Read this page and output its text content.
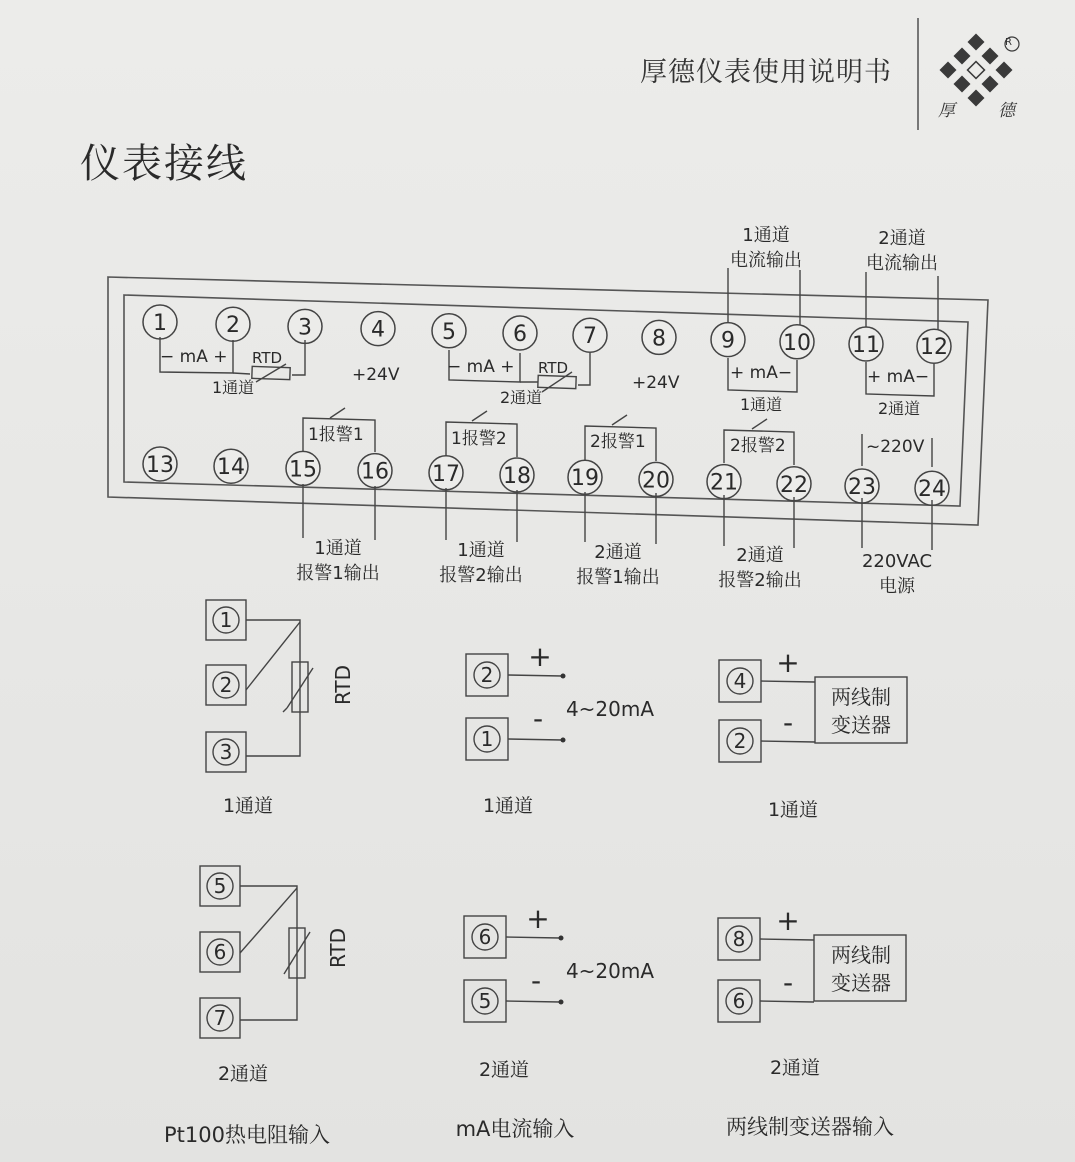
厚德仪表使用说明书
R
厚	德
仪表接线
1	2	3	4	5	6	7	8	9 10 11 12
13 14 15 16 17 18 19 20 21 22 23 24
− mA + RTD
1通道
+24V	− mA + RTD
2通道
+24V	+ mA−
1通道
+ mA−
2通道
~220V
1报警1	1报警2	2报警1	2报警2
1通道
电流输出
2通道
电流输出
1通道
报警1输出
1通道
报警2输出
2通道
报警1输出
2通道
报警2输出
220VAC
电源
1
2
3
RTD
1通道
5
6
7
RTD
2通道
+
- 4~20mA
1通道
+
- 4~20mA
2通道
+
-
两线制
变送器
1通道
+
-
两线制
变送器
2通道
Pt100热电阻输入	mA电流输入	两线制变送器输入
2
1
6
5
4
2
8
6
